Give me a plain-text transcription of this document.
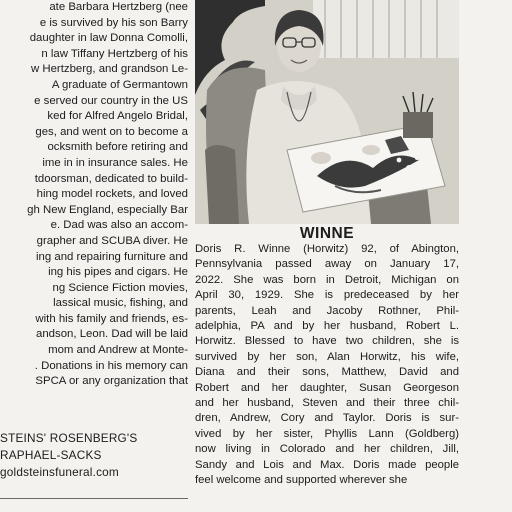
ate Barbara Hertzberg (nee
e is survived by his son Barry
daughter in law Donna Comolli,
n law Tiffany Hertzberg of his
w Hertzberg, and grandson Le-
A graduate of Germantown
e served our country in the US
ked for Alfred Angelo Bridal,
ges, and went on to become a
ocksmith before retiring and
ime in in insurance sales. He
tdoorsman, dedicated to build-
hing model rockets, and loved
gh New England, especially Bar
e. Dad was also an accom-
grapher and SCUBA diver. He
ing and repairing furniture and
ing his pipes and cigars. He
ng Science Fiction movies,
lassical music, fishing, and
with his family and friends, es-
andson, Leon. Dad will be laid
mom and Andrew at Monte-
. Donations in his memory can
SPCA or any organization that
STEINS' ROSENBERG'S
RAPHAEL-SACKS
goldsteinsfuneral.com
WINNE
Doris R. Winne (Horwitz) 92, of Abington,
Pennsylvania passed away on January 17,
2022. She was born in Detroit, Michigan on
April 30, 1929. She is predeceased by her
parents, Leah and Jacoby Rothner, Phil-
adelphia, PA and by her husband, Robert L.
Horwitz. Blessed to have two children, she is
survived by her son, Alan Horwitz, his wife,
Diana and their sons, Matthew, David and
Robert and her daughter, Susan Georgeson
and her husband, Steven and their three chil-
dren, Andrew, Cory and Taylor. Doris is sur-
vived by her sister, Phyllis Lann (Goldberg)
now living in Colorado and her children, Jill,
Sandy and Lois and Max. Doris made people
feel welcome and supported wherever she
